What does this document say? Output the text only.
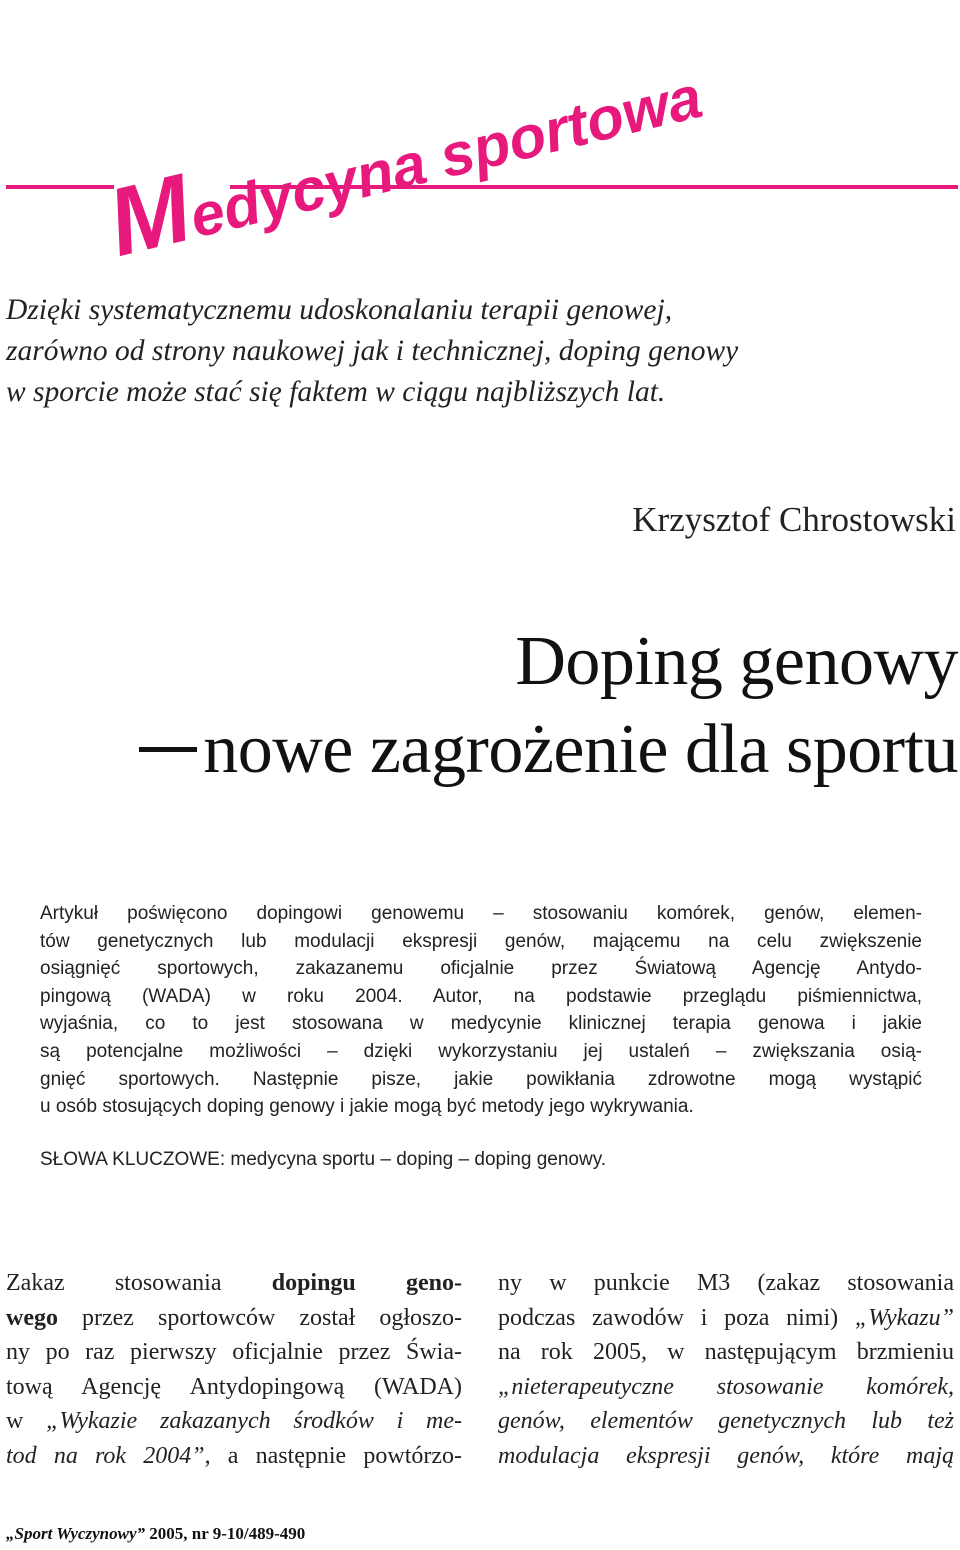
Medycyna sportowa

Dzięki systematycznemu udoskonalaniu terapii genowej,
zarówno od strony naukowej jak i technicznej, doping genowy
w sporcie może stać się faktem w ciągu najbliższych lat.

Krzysztof Chrostowski

Doping genowy
nowe zagrożenie dla sportu

Artykuł poświęcono dopingowi genowemu – stosowaniu komórek, genów, elemen-
tów genetycznych lub modulacji ekspresji genów, mającemu na celu zwiększenie
osiągnięć sportowych, zakazanemu oficjalnie przez Światową Agencję Antydo-
pingową (WADA) w roku 2004. Autor, na podstawie przeglądu piśmiennictwa,
wyjaśnia, co to jest stosowana w medycynie klinicznej terapia genowa i jakie
są potencjalne możliwości – dzięki wykorzystaniu jej ustaleń – zwiększania osią-
gnięć sportowych. Następnie pisze, jakie powikłania zdrowotne mogą wystąpić
u osób stosujących doping genowy i jakie mogą być metody jego wykrywania.

SŁOWA KLUCZOWE: medycyna sportu – doping – doping genowy.

Zakaz stosowania dopingu geno-
wego przez sportowców został ogłoszo-
ny po raz pierwszy oficjalnie przez Świa-
tową Agencję Antydopingową (WADA)
w „Wykazie zakazanych środków i me-
tod na rok 2004”, a następnie powtórzo-
ny w punkcie M3 (zakaz stosowania
podczas zawodów i poza nimi) „Wykazu”
na rok 2005, w następującym brzmieniu
„nieterapeutyczne stosowanie komórek,
genów, elementów genetycznych lub też
modulacja ekspresji genów, które mają

„Sport Wyczynowy” 2005, nr 9-10/489-490
